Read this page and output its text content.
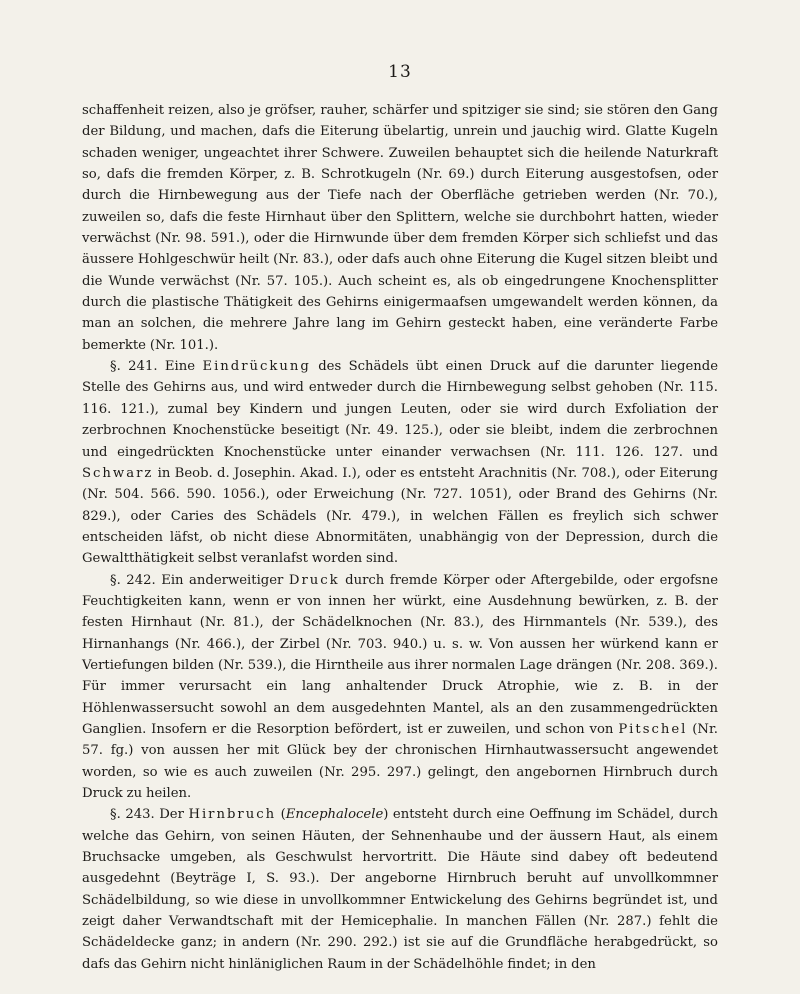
13

schaffenheit reizen, also je gröfser, rauher, schärfer und spitziger sie sind; sie stören den Gang der Bildung, und machen, dafs die Eiterung übelartig, unrein und jauchig wird. Glatte Kugeln schaden weniger, ungeachtet ihrer Schwere. Zuweilen behauptet sich die heilende Naturkraft so, dafs die fremden Körper, z. B. Schrotkugeln (Nr. 69.) durch Eiterung ausgestofsen, oder durch die Hirnbewegung aus der Tiefe nach der Oberfläche getrieben werden (Nr. 70.), zuweilen so, dafs die feste Hirnhaut über den Splittern, welche sie durchbohrt hatten, wieder verwächst (Nr. 98. 591.), oder die Hirnwunde über dem fremden Körper sich schliefst und das äussere Hohlgeschwür heilt (Nr. 83.), oder dafs auch ohne Eiterung die Kugel sitzen bleibt und die Wunde verwächst (Nr. 57. 105.). Auch scheint es, als ob eingedrungene Knochensplitter durch die plastische Thätigkeit des Gehirns einigermaafsen umgewandelt werden können, da man an solchen, die mehrere Jahre lang im Gehirn gesteckt haben, eine veränderte Farbe bemerkte (Nr. 101.).

§. 241. Eine Eindrückung des Schädels übt einen Druck auf die darunter liegende Stelle des Gehirns aus, und wird entweder durch die Hirnbewegung selbst gehoben (Nr. 115. 116. 121.), zumal bey Kindern und jungen Leuten, oder sie wird durch Exfoliation der zerbrochnen Knochenstücke beseitigt (Nr. 49. 125.), oder sie bleibt, indem die zerbrochnen und eingedrückten Knochenstücke unter einander verwachsen (Nr. 111. 126. 127. und Schwarz in Beob. d. Josephin. Akad. I.), oder es entsteht Arachnitis (Nr. 708.), oder Eiterung (Nr. 504. 566. 590. 1056.), oder Erweichung (Nr. 727. 1051), oder Brand des Gehirns (Nr. 829.), oder Caries des Schädels (Nr. 479.), in welchen Fällen es freylich sich schwer entscheiden läfst, ob nicht diese Abnormitäten, unabhängig von der Depression, durch die Gewaltthätigkeit selbst veranlafst worden sind.

§. 242. Ein anderweitiger Druck durch fremde Körper oder Aftergebilde, oder ergofsne Feuchtigkeiten kann, wenn er von innen her würkt, eine Ausdehnung bewürken, z. B. der festen Hirnhaut (Nr. 81.), der Schädelknochen (Nr. 83.), des Hirnmantels (Nr. 539.), des Hirnanhangs (Nr. 466.), der Zirbel (Nr. 703. 940.) u. s. w. Von aussen her würkend kann er Vertiefungen bilden (Nr. 539.), die Hirntheile aus ihrer normalen Lage drängen (Nr. 208. 369.). Für immer verursacht ein lang anhaltender Druck Atrophie, wie z. B. in der Höhlenwassersucht sowohl an dem ausgedehnten Mantel, als an den zusammengedrückten Ganglien. Insofern er die Resorption befördert, ist er zuweilen, und schon von Pitschel (Nr. 57. fg.) von aussen her mit Glück bey der chronischen Hirnhautwassersucht angewendet worden, so wie es auch zuweilen (Nr. 295. 297.) gelingt, den angebornen Hirnbruch durch Druck zu heilen.

§. 243. Der Hirnbruch (Encephalocele) entsteht durch eine Oeffnung im Schädel, durch welche das Gehirn, von seinen Häuten, der Sehnenhaube und der äussern Haut, als einem Bruchsacke umgeben, als Geschwulst hervortritt. Die Häute sind dabey oft bedeutend ausgedehnt (Beyträge I, S. 93.). Der angeborne Hirnbruch beruht auf unvollkommner Schädelbildung, so wie diese in unvollkommner Entwickelung des Gehirns begründet ist, und zeigt daher Verwandtschaft mit der Hemicephalie. In manchen Fällen (Nr. 287.) fehlt die Schädeldecke ganz; in andern (Nr. 290. 292.) ist sie auf die Grundfläche herabgedrückt, so dafs das Gehirn nicht hinläniglichen Raum in der Schädelhöhle findet; in den
